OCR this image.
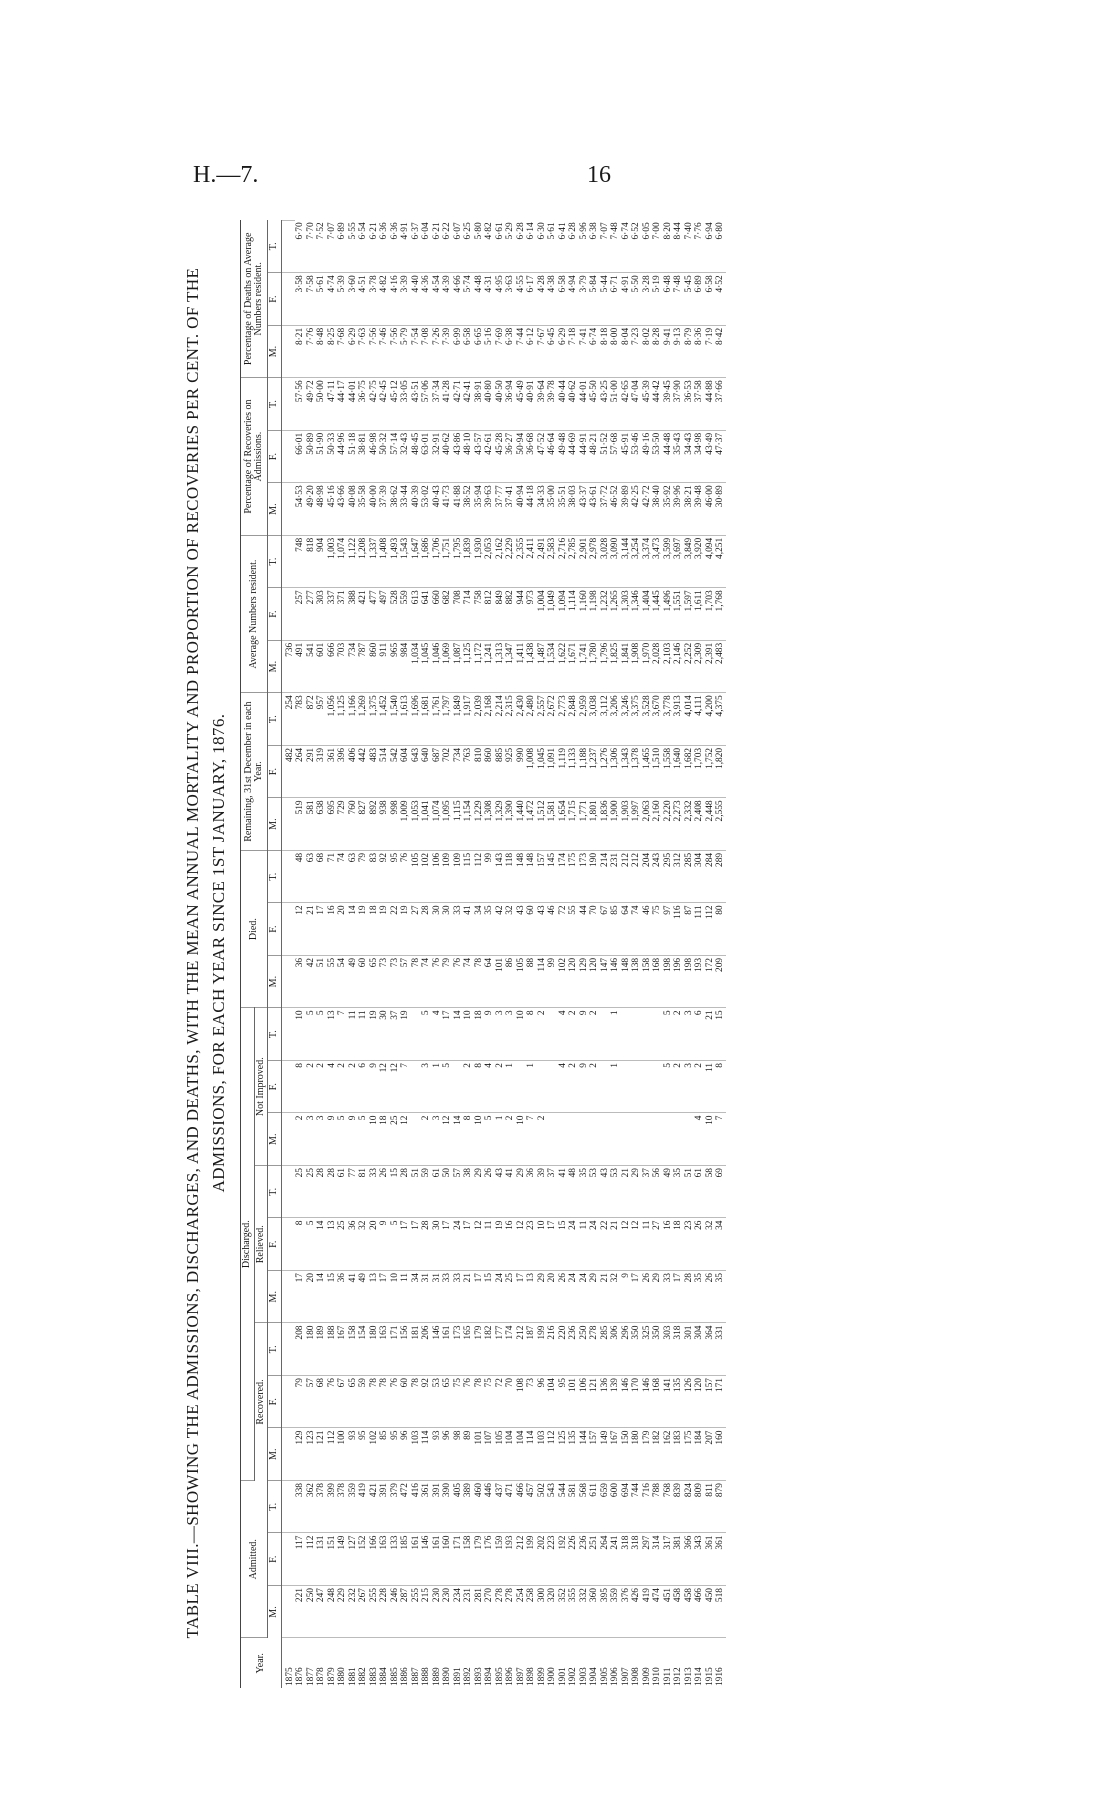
H.—7.	16
TABLE VIII.—SHOWING THE ADMISSIONS, DISCHARGES, AND DEATHS, WITH THE MEAN ANNUAL MORTALITY AND PROPORTION OF RECOVERIES PER CENT. OF THE ADMISSIONS, FOR EACH YEAR SINCE 1ST JANUARY, 1876.
Year.	Admitted.			Discharged.									Died.			Remaining, 31st December in each Year.			Average Numbers resident.			Percentage of Recoveries on Admissions.			Percentage of Deaths on Average Numbers resident.			
				Recovered.			Relieved.			Not Improved.																		
	M.	F.	T.	M.	F.	T.	M.	F.	T.	M.	F.	T.	M.	F.	T.	M.	F.	T.	M.	F.	T.	M.	F.	T.	M.	F.	T.	
1875																	482	254	736									
1876	221	117	338	129	79	208	17	8	25	2	8	10	36	12	48	519	264	783	491	257	748	54·53	66·01	57·56	8·21	3·58	6·70	
1877	250	112	362	123	57	180	20	5	25	3	2	5	42	21	63	581	291	872	541	277	818	49·20	50·89	49·72	7·76	7·58	7·70	
1878	247	131	378	121	68	189	14	14	28	3	2	5	51	17	68	638	319	957	601	303	904	48·98	51·90	50·00	8·48	5·61	7·52	
1879	248	151	399	112	76	188	15	13	28	9	4	13	55	16	71	695	361	1,056	666	337	1,003	45·16	50·33	47·11	8·25	4·74	7·07	
1880	229	149	378	100	67	167	36	25	61	5	2	7	54	20	74	729	396	1,125	703	371	1,074	43·66	44·96	44·17	7·68	5·39	6·89	
1881	232	127	359	93	65	158	41	36	77	9	2	11	49	14	63	760	406	1,166	734	388	1,122	40·08	51·18	44·01	6·29	3·60	5·55	
1882	267	152	419	95	59	154	49	32	81	5	6	11	60	19	79	827	442	1,269	787	421	1,208	35·58	38·81	36·75	7·63	4·51	6·54	
1883	255	166	421	102	78	180	13	20	33	10	9	19	65	18	83	892	483	1,375	860	477	1,337	40·00	46·98	42·75	7·56	3·78	6·21	
1884	228	163	391	85	78	163	17	9	26	18	12	30	73	19	92	938	514	1,452	911	497	1,408	37·39	50·32	42·45	7·46	4·82	6·36	
1885	246	133	379	95	76	171	10	5	15	25	12	37	73	22	95	998	542	1,540	965	528	1,493	38·62	57·14	45·12	7·56	4·16	6·36	
1886	287	185	472	96	60	156	11	17	28	12	7	19	57	19	76	1,009	604	1,613	984	559	1,543	33·44	32·43	33·05	5·79	3·39	4·91	
1887	255	161	416	103	78	181	34	17	51				78	27	105	1,053	643	1,696	1,034	613	1,647	40·39	48·45	43·51	7·54	4·40	6·37	
1888	215	146	361	114	92	206	31	28	59	2	3	5	74	28	102	1,041	640	1,681	1,045	641	1,686	53·02	63·01	57·06	7·08	4·36	6·04	
1889	230	161	391	93	53	146	31	30	61	3	1	4	76	30	106	1,074	687	1,761	1,046	660	1,706	40·43	32·91	37·34	7·26	4·54	6·21	
1890	230	160	390	96	65	161	33	17	50	12	5	17	79	30	109	1,095	702	1,797	1,069	682	1,751	41·73	40·62	41·28	7·39	4·39	6·22	
1891	234	171	405	98	75	173	33	24	57	14		14	76	33	109	1,115	734	1,849	1,087	708	1,795	41·88	43·86	42·71	6·99	4·66	6·07	
1892	231	158	389	89	76	165	21	17	38	8	2	10	74	41	115	1,154	763	1,917	1,125	714	1,839	38·52	48·10	42·41	6·58	5·74	6·25	
1893	281	179	460	101	78	179	17	12	29	10	8	18	78	34	112	1,229	810	2,039	1,172	758	1,930	35·94	43·57	38·91	6·65	4·48	5·80	
1894	270	176	446	107	75	182	15	11	26	5	4	9	64	35	99	1,308	860	2,168	1,241	812	2,053	39·63	42·61	40·80	5·16	4·31	4·82	
1895	278	159	437	105	72	177	24	19	43	1	2	3	101	42	143	1,329	885	2,214	1,313	849	2,162	37·77	45·28	40·50	7·69	4·95	6·61	
1896	278	193	471	104	70	174	25	16	41	2	1	3	86	32	118	1,390	925	2,315	1,347	882	2,229	37·41	36·27	36·94	6·38	3·63	5·29	
1897	254	212	466	104	108	212	17	12	29	10		10	105	43	148	1,440	990	2,430	1,411	944	2,355	40·94	50·94	45·49	7·44	4·55	6·28	
1898	258	199	457	114	73	187	13	23	36	7	1	8	88	60	148	1,472	1,008	2,480	1,438	973	2,411	44·18	36·68	40·91	6·12	6·17	6·14	
1899	300	202	502	103	96	199	29	10	39	2		2	114	43	157	1,512	1,045	2,557	1,487	1,004	2,491	34·33	47·52	39·64	7·67	4·28	6·30	
1900	320	223	543	112	104	216	20	17	37				99	46	145	1,581	1,091	2,672	1,534	1,049	2,583	35·00	46·64	39·78	6·45	4·38	5·61	
1901	352	192	544	125	95	220	26	15	41		4	4	102	72	174	1,654	1,119	2,773	1,622	1,094	2,716	35·51	49·48	40·44	6·29	6·58	6·41	
1902	355	226	581	135	101	236	24	24	48		2	2	120	55	175	1,715	1,133	2,848	1,671	1,114	2,785	38·03	44·69	40·62	7·18	4·94	6·28	
1903	332	236	568	144	106	250	24	11	35		9	9	129	44	173	1,771	1,188	2,959	1,741	1,160	2,901	43·37	44·91	44·01	7·41	3·79	5·96	
1904	360	251	611	157	121	278	29	24	53		2	2	120	70	190	1,801	1,237	3,038	1,780	1,198	2,978	43·61	48·21	45·50	6·74	5·84	6·38	
1905	395	264	659	149	136	285	21	22	43				147	67	214	1,836	1,276	3,112	1,796	1,232	3,028	37·72	51·52	43·25	8·18	5·44	7·07	
1906	359	241	600	167	139	306	32	21	53		1	1	146	85	231	1,900	1,306	3,206	1,825	1,265	3,090	46·52	57·68	51·00	8·00	6·71	7·48	
1907	376	318	694	150	146	296	9	12	21				148	64	212	1,903	1,343	3,246	1,841	1,303	3,144	39·89	45·91	42·65	8·04	4·91	6·74	
1908	426	318	744	180	170	350	17	12	29				138	74	212	1,997	1,378	3,375	1,908	1,346	3,254	42·25	53·46	47·04	7·23	5·50	6·52	
1909	419	297	716	179	146	325	26	11	37				158	46	204	2,063	1,465	3,528	1,970	1,404	3,374	42·72	49·16	45·39	8·02	3·28	6·05	
1910	474	314	788	182	168	350	29	27	56				168	75	243	2,160	1,510	3,670	2,028	1,445	3,473	38·40	53·50	44·42	8·28	5·19	7·00	
1911	451	317	768	162	141	303	33	16	49		5	5	198	97	295	2,220	1,558	3,778	2,103	1,496	3,599	35·92	44·48	39·45	9·41	6·48	8·20	
1912	458	381	839	183	135	318	17	18	35		2	2	196	116	312	2,273	1,640	3,913	2,146	1,551	3,697	39·96	35·43	37·90	9·13	7·48	8·44	
1913	458	366	824	175	126	301	28	23	51		3	3	198	87	285	2,332	1,682	4,014	2,252	1,597	3,849	38·21	34·43	36·53	8·79	5·45	7·40	
1914	466	343	809	184	120	304	35	26	61	4	2	6	193	111	304	2,408	1,703	4,111	2,309	1,611	3,920	39·48	34·98	37·58	8·36	6·89	7·76	
1915	450	361	811	207	157	364	26	32	58	10	11	21	172	112	284	2,448	1,752	4,200	2,391	1,703	4,094	46·00	43·49	44·88	7·19	6·58	6·94	
1916	518	361	879	160	171	331	35	34	69	7	8	15	209	80	289	2,555	1,820	4,375	2,483	1,768	4,251	30·89	47·37	37·66	8·42	4·52	6·80	
